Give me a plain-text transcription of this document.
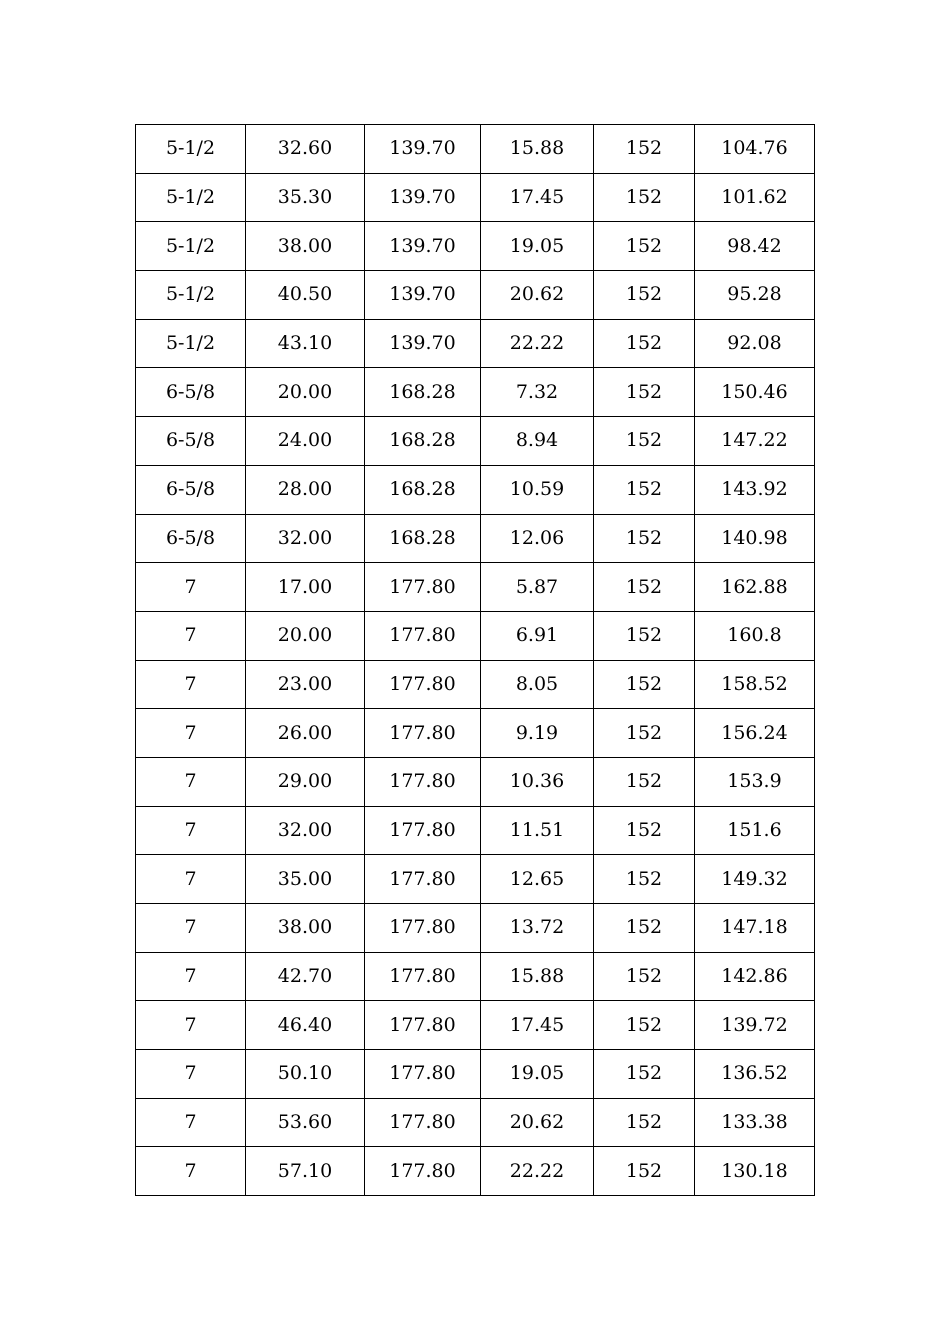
5-1/2	32.60	139.70	15.88	152	104.76
5-1/2	35.30	139.70	17.45	152	101.62
5-1/2	38.00	139.70	19.05	152	98.42
5-1/2	40.50	139.70	20.62	152	95.28
5-1/2	43.10	139.70	22.22	152	92.08
6-5/8	20.00	168.28	7.32	152	150.46
6-5/8	24.00	168.28	8.94	152	147.22
6-5/8	28.00	168.28	10.59	152	143.92
6-5/8	32.00	168.28	12.06	152	140.98
7	17.00	177.80	5.87	152	162.88
7	20.00	177.80	6.91	152	160.8
7	23.00	177.80	8.05	152	158.52
7	26.00	177.80	9.19	152	156.24
7	29.00	177.80	10.36	152	153.9
7	32.00	177.80	11.51	152	151.6
7	35.00	177.80	12.65	152	149.32
7	38.00	177.80	13.72	152	147.18
7	42.70	177.80	15.88	152	142.86
7	46.40	177.80	17.45	152	139.72
7	50.10	177.80	19.05	152	136.52
7	53.60	177.80	20.62	152	133.38
7	57.10	177.80	22.22	152	130.18
